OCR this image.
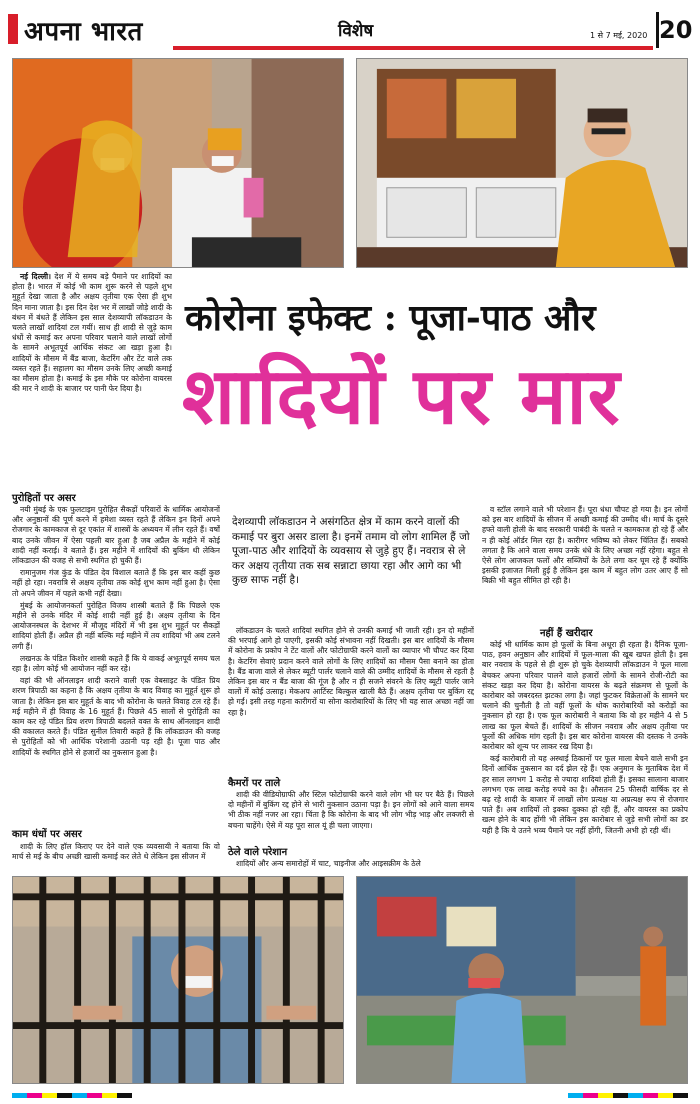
अपना भारत	विशेष	1 से 7 मई, 2020 20
कोरोना इफेक्ट : पूजा-पाठ और
शादियों पर मार

नई दिल्ली। देश में ये समय बड़े पैमाने पर शादियों का होता है। भारत में कोई भी काम शुरू करने से पहले शुभ मुहूर्त देखा जाता है और अक्षय तृतीया एक ऐसा ही शुभ दिन माना जाता है। इस दिन देश भर में लाखों जोड़े शादी के बंधन में बंधते हैं लेकिन इस साल देशव्यापी लॉकडाउन के चलते लाखों शादियां टल गयीं। साथ ही शादी से जुड़े काम धंधों से कमाई कर अपना परिवार चलाने वाले लाखों लोगों के सामने अभूतपूर्व आर्थिक संकट आ खड़ा हुआ है। शादियों के मौसम में बैंड बाजा, केटरिंग और टेंट वाले तक व्यस्त रहते हैं। सहालग का मौसम उनके लिए अच्छी कमाई का मौसम होता है। कमाई के इस मौके पर कोरोना वायरस की मार ने शादी के बाजार पर पानी फेर दिया है।

पुरोहितों पर असर

नयी मुंबई के एक फुलटाइम पुरोहित सैकड़ों परिवारों के धार्मिक आयोजनों और अनुष्ठानों की पूर्ण करने में हमेशा व्यस्त रहते हैं लेकिन इन दिनों अपने रोजगार के कामकाज से दूर एकांत में शास्त्रों के अध्ययन में लीन रहते हैं। वर्षों बाद उनके जीवन में ऐसा पहली बार हुआ है जब अप्रैल के महीने में कोई शादी नहीं कराई। वे बताते हैं। इस महीने में शादियों की बुकिंग थी लेकिन लॉकडाउन की वजह से सभी स्थगित हो चुकी हैं।

रामानुजम गंज कुंड के पंडित देव विशाल बताते हैं कि इस बार कहीं कुछ नहीं हो रहा। नवरात्रि से अक्षय तृतीया तक कोई शुभ काम नहीं हुआ है। ऐसा तो अपने जीवन में पहले कभी नहीं देखा।

मुंबई के आयोजनकर्ता पुरोहित विजय शास्त्री बताते हैं कि पिछले एक महीने से उनके मंदिर में कोई शादी नहीं हुई है। अक्षय तृतीया के दिन आयोजनस्थल के देशभर में मौजूद मंदिरों में भी इस शुभ मुहूर्त पर सैकड़ों शादियां होती हैं। अप्रैल ही नहीं बल्कि मई महीने में तय शादियां भी अब टलने लगी हैं।

लखनऊ के पंडित किशोर शास्त्री कहते हैं कि ये वाकई अभूतपूर्व समय चल रहा है। लोग कोई भी आयोजन नहीं कर रहे।

वहां की भी ऑनलाइन शादी कराने वाली एक वेबसाइट के पंडित प्रिय शरण त्रिपाठी का कहना है कि अक्षय तृतीया के बाद विवाह का मुहूर्त शुरू हो जाता है। लेकिन इस बार मुहूर्त के बाद भी कोरोना के चलते विवाह टल रहे हैं। मई महीने में ही विवाह के 16 मुहूर्त हैं। पिछले 45 सालों से पुरोहिती का काम कर रहे पंडित प्रिय शरण त्रिपाठी बदलते वक्त के साथ ऑनलाइन शादी की वकालत करते हैं। पंडित सुनील तिवारी कहते हैं कि लॉकडाउन की वजह से पुरोहितों को भी आर्थिक परेशानी उठानी पड़ रही है। पूजा पाठ और शादियों के स्थगित होने से हजारों का नुकसान हुआ है।

काम धंधों पर असर

शादी के लिए हॉल किराए पर देने वाले एक व्यवसायी ने बताया कि वो मार्च से मई के बीच अच्छी खासी कमाई कर लेते थे लेकिन इस सीजन में

देशव्यापी लॉकडाउन ने असंगठित क्षेत्र में काम करने वालों की कमाई पर बुरा असर डाला है। इनमें तमाम वो लोग शामिल हैं जो पूजा-पाठ और शादियों के व्यवसाय से जुड़े हुए हैं। नवरात्र से ले कर अक्षय तृतीया तक सब सन्नाटा छाया रहा और आगे का भी कुछ साफ नहीं है।

लॉकडाउन के चलते शादियां स्थगित होने से उनकी कमाई भी जाती रही। इन दो महीनों की भरपाई आगे हो पाएगी, इसकी कोई संभावना नहीं दिखती। इस बार शादियों के मौसम में कोरोना के प्रकोप ने टेंट वालों और फोटोग्राफी करने वालों का व्यापार भी चौपट कर दिया है। केटरिंग सेवाएं प्रदान करने वाले लोगों के लिए शादियों का मौसम पैसा बनाने का होता है। बैंड बाजा वाले से लेकर ब्यूटी पार्लर चलाने वाले की उम्मीद शादियों के मौसम से रहती है लेकिन इस बार न बैंड बाजा की गूंज है और न ही सजने संवरने के लिए ब्यूटी पार्लर जाने वालों में कोई उत्साह। मेकअप आर्टिस्ट बिल्कुल खाली बैठे हैं। अक्षय तृतीया पर बुकिंग रद्द हो गईं। इसी तरह गहना कारीगरों या सोना कारोबारियों के लिए भी यह साल अच्छा नहीं जा रहा है।

कैमरों पर ताले

शादी की वीडियोग्राफी और स्टिल फोटोग्राफी करने वाले लोग भी घर पर बैठे हैं। पिछले दो महीनों में बुकिंग रद्द होने से भारी नुकसान उठाना पड़ा है। इन लोगों को आने वाला समय भी ठीक नहीं नजर आ रहा। चिंता है कि कोरोना के बाद भी लोग भीड़ भाड़ और लक्जरी से बचना चाहेंगे। ऐसे में यह पूरा साल यूं ही चला जाएगा।

ठेले वाले परेशान

शादियों और अन्य समारोहों में चाट, चाइनीज और आइसक्रीम के ठेले

व स्टॉल लगाने वाले भी परेशान हैं। पूरा धंधा चौपट हो गया है। इन लोगों को इस बार शादियों के सीजन में अच्छी कमाई की उम्मीद थी। मार्च के दूसरे हफ्ते वाली होली के बाद सरकारी पाबंदी के चलते न कामकाज हो रहे हैं और न ही कोई ऑर्डर मिल रहा है। कारीगर भविष्य को लेकर चिंतित हैं। सबको लगता है कि आने वाला समय उनके धंधे के लिए अच्छा नहीं रहेगा। बहुत से ऐसे लोग आजकल फलों और सब्जियों के ठेले लगा कर घूम रहे हैं क्योंकि इसकी इजाजत मिली हुई है लेकिन इस काम में बहुत लोग उतर आए हैं सो बिक्री भी बहुत सीमित हो रही है।

नहीं हैं खरीदार

कोई भी धार्मिक काम हो फूलों के बिना अधूरा ही रहता है। दैनिक पूजा-पाठ, हवन अनुष्ठान और शादियों में फूल-माला की खूब खपत होती है। इस बार नवरात्र के पहले से ही शुरू हो चुके देशव्यापी लॉकडाउन ने फूल माला बेचकर अपना परिवार पालने वाले हजारों लोगों के सामने रोजी-रोटी का संकट खड़ा कर दिया है। कोरोना वायरस के बढ़ते संक्रमण से फूलों के कारोबार को जबरदस्त झटका लगा है। जहां फुटकर विक्रेताओं के सामने घर चलाने की चुनौती है तो वहीं फूलों के थोक कारोबारियों को करोड़ों का नुकसान हो रहा है। एक फूल कारोबारी ने बताया कि वो हर महीने 4 से 5 लाख का फूल बेचते हैं। शादियों के सीजन नवरात्र और अक्षय तृतीया पर फूलों की अधिक मांग रहती है। इस बार कोरोना वायरस की दस्तक ने उनके कारोबार को शून्य पर लाकर रख दिया है।

कई कारोबारी तो यह अस्थाई ठिकानों पर फूल माला बेचने वाले सभी इन दिनों आर्थिक नुकसान का दर्द झेल रहे हैं। एक अनुमान के मुताबिक देश में हर साल लगभग 1 करोड़ से ज्यादा शादियां होती हैं। इसका सालाना बाजार लगभग एक लाख करोड़ रुपये का है। औसतन 25 फीसदी वार्षिक दर से बढ़ रहे शादी के बाजार में लाखों लोग प्रत्यक्ष या अप्रत्यक्ष रूप से रोजगार पाते हैं। अब शादियों तो इक्का दुक्का हो रही हैं, और वायरस का प्रकोप खत्म होने के बाद होंगी भी लेकिन इस कारोबार से जुड़े सभी लोगों का डर यही है कि ये उतने भव्य पैमाने पर नहीं होंगी, जितनी अभी हो रही थीं।
